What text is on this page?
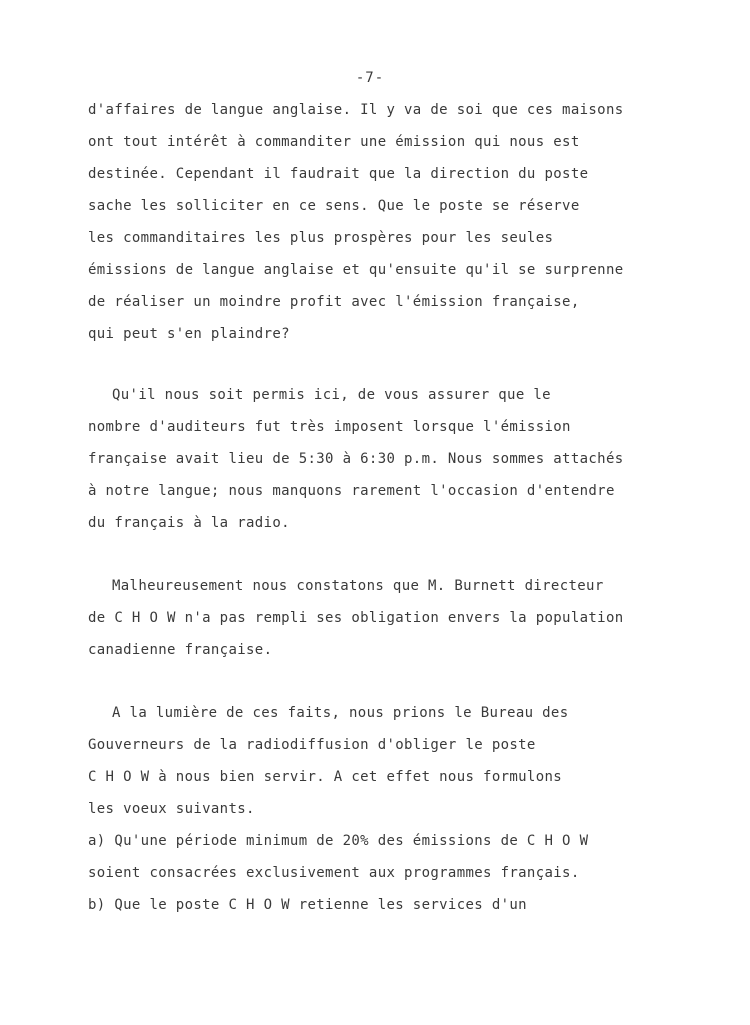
-7-
d'affaires de langue anglaise. Il y va de soi que ces maisons
ont tout intérêt à commanditer une émission qui nous est
destinée. Cependant il faudrait que la direction du poste
sache les solliciter en ce sens. Que le poste se réserve
les commanditaires les plus prospères pour les seules
émissions de langue anglaise et qu'ensuite qu'il se surprenne
de réaliser un moindre profit avec l'émission française,
qui peut s'en plaindre?
Qu'il nous soit permis ici, de vous assurer que le
nombre d'auditeurs fut très imposent lorsque l'émission
française avait lieu de 5:30 à 6:30 p.m. Nous sommes attachés
à notre langue; nous manquons rarement l'occasion d'entendre
du français à la radio.
Malheureusement nous constatons que M. Burnett directeur
de C H O W n'a pas rempli ses obligation envers la population
canadienne française.
A la lumière de ces faits, nous prions le Bureau des
Gouverneurs de la radiodiffusion d'obliger le poste
C H O W à nous bien servir. A cet effet nous formulons
les voeux suivants.
a) Qu'une période minimum de 20% des émissions de C H O W
soient consacrées exclusivement aux programmes français.
b) Que le poste C H O W retienne les services d'un
